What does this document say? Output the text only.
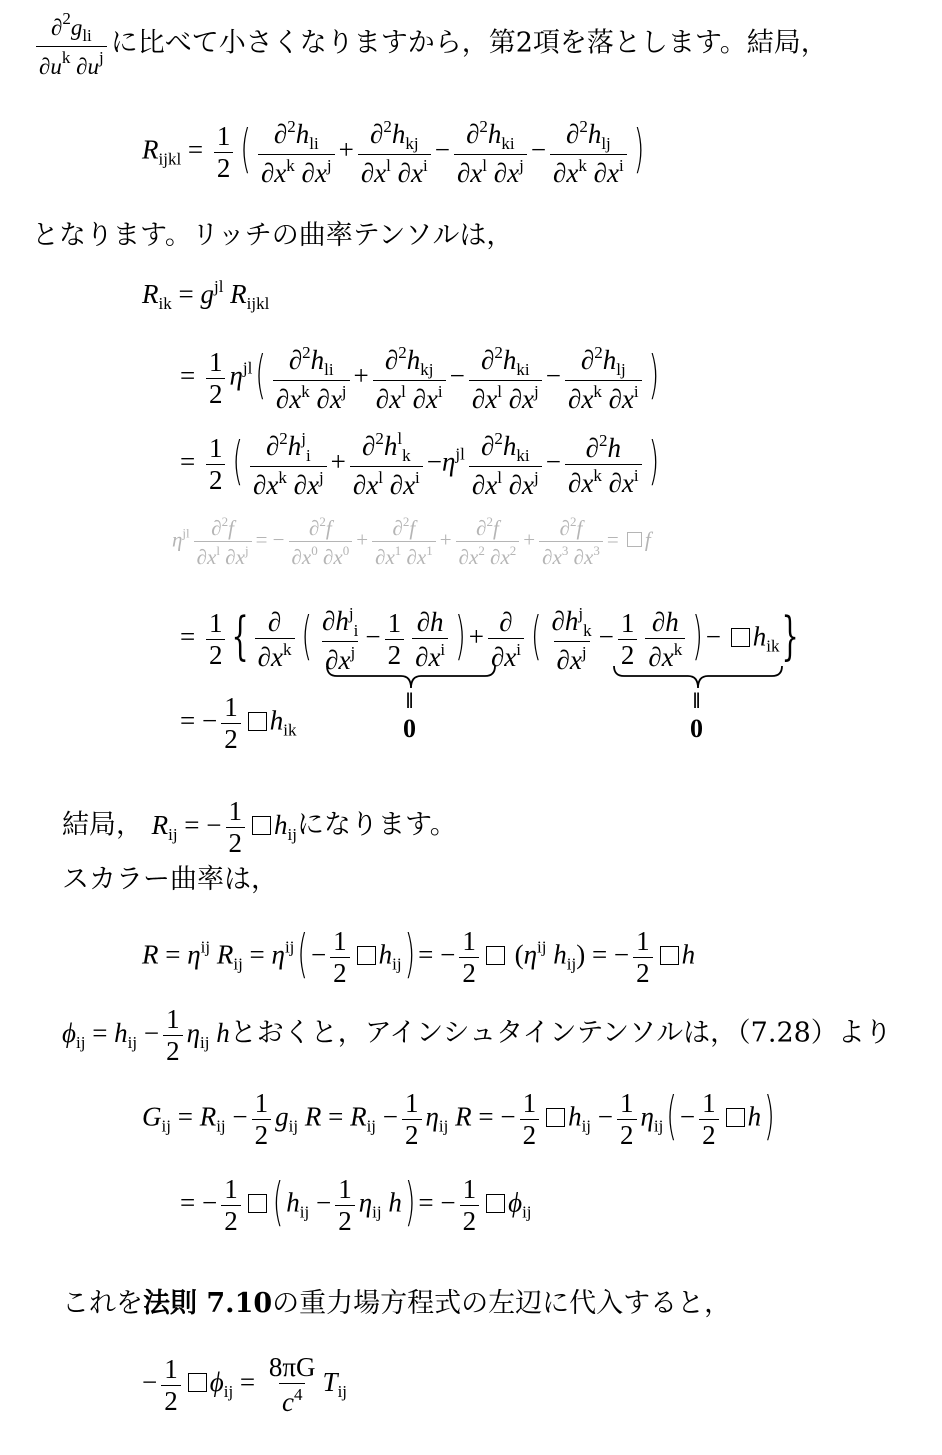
$\frac{\partial^2g_{li}}{\partial u^k \partial u^j}$ に比べて小さくなりますから，第2項を落とします。結局，
$R_{ijkl} = \frac{1}{2}$ ( $\frac{\partial^2h_{li}}{\partial x^k \partial x^j} + \frac{\partial^2h_{kj}}{\partial x^l \partial x^i} - \frac{\partial^2h_{ki}}{\partial x^l \partial x^j} - \frac{\partial^2h_{lj}}{\partial x^k \partial x^i}$ )
となります。リッチの曲率テンソルは，
$R_{ik} = g^{jl}$ $R_{ijkl}$
= $\frac{1}{2} \eta^{jl}$ ( $\frac{\partial^2h_{li}}{\partial x^k \partial x^j} + \frac{\partial^2h_{kj}}{\partial x^l \partial x^i} - \frac{\partial^2h_{ki}}{\partial x^l \partial x^j} - \frac{\partial^2h_{lj}}{\partial x^k \partial x^i}$ )
= $\frac{1}{2}$ ( $\frac{\partial^2h^j_i}{\partial x^k \partial x^j} + \frac{\partial^2h^l_k}{\partial x^l \partial x^i} -\eta^{jl} \frac{\partial^2h_{ki}}{\partial x^l \partial x^j} - \frac{\partial^2h}{\partial x^k \partial x^i}$ )
$\eta^{jl} \frac{\partial^2f}{\partial x^l \partial x^j}$ = − $\frac{\partial^2f}{\partial x^0 \partial x^0} + \frac{\partial^2f}{\partial x^1 \partial x^1} + \frac{\partial^2f}{\partial x^2 \partial x^2} + \frac{\partial^2f}{\partial x^3 \partial x^3} = f$
= $\frac{1}{2}$ { $\frac{\partial}{\partial x^k}$ ( $\frac{\partial h^j_i}{\partial x^j} - \frac{1}{2} \frac{\partial h}{\partial x^i}$ ) + $\frac{\partial}{\partial x^i}$ ( $\frac{\partial h^j_k}{\partial x^j} - \frac{1}{2} \frac{\partial h}{\partial x^k}$ ) − $h_{ik}$}
‖
0
‖
0
= − $\frac{1}{2} h_{ik}$
結局， $R_{ij}$ = − $\frac{1}{2} h_{ij}$になります。
スカラー曲率は，
$R = \eta^{ij}$ $R_{ij} = \eta^{ij}$ ( − $\frac{1}{2} h_{ij}$ ) = − $\frac{1}{2} (\eta^{ij}$ $h_{ij}$) = − $\frac{1}{2}$ h
$\phi_{ij} = h_{ij} - \frac{1}{2} \eta_{ij}$ hとおくと，アインシュタインテンソルは，（7.28）より
$G_{ij} = R_{ij} - \frac{1}{2} g_{ij}$ $R = R_{ij} - \frac{1}{2} \eta_{ij}$ R = − $\frac{1}{2} h_{ij} - \frac{1}{2} \eta_{ij}$ ( − $\frac{1}{2}$ h )
= − $\frac{1}{2}$ ( $h_{ij} - \frac{1}{2} \eta_{ij}$ h ) = − $\frac{1}{2} \phi_{ij}$
これを法則 7.10の重力場方程式の左辺に代入すると，
− $\frac{1}{2} \phi_{ij} = \frac{8\pi G}{c^4} T_{ij}$
